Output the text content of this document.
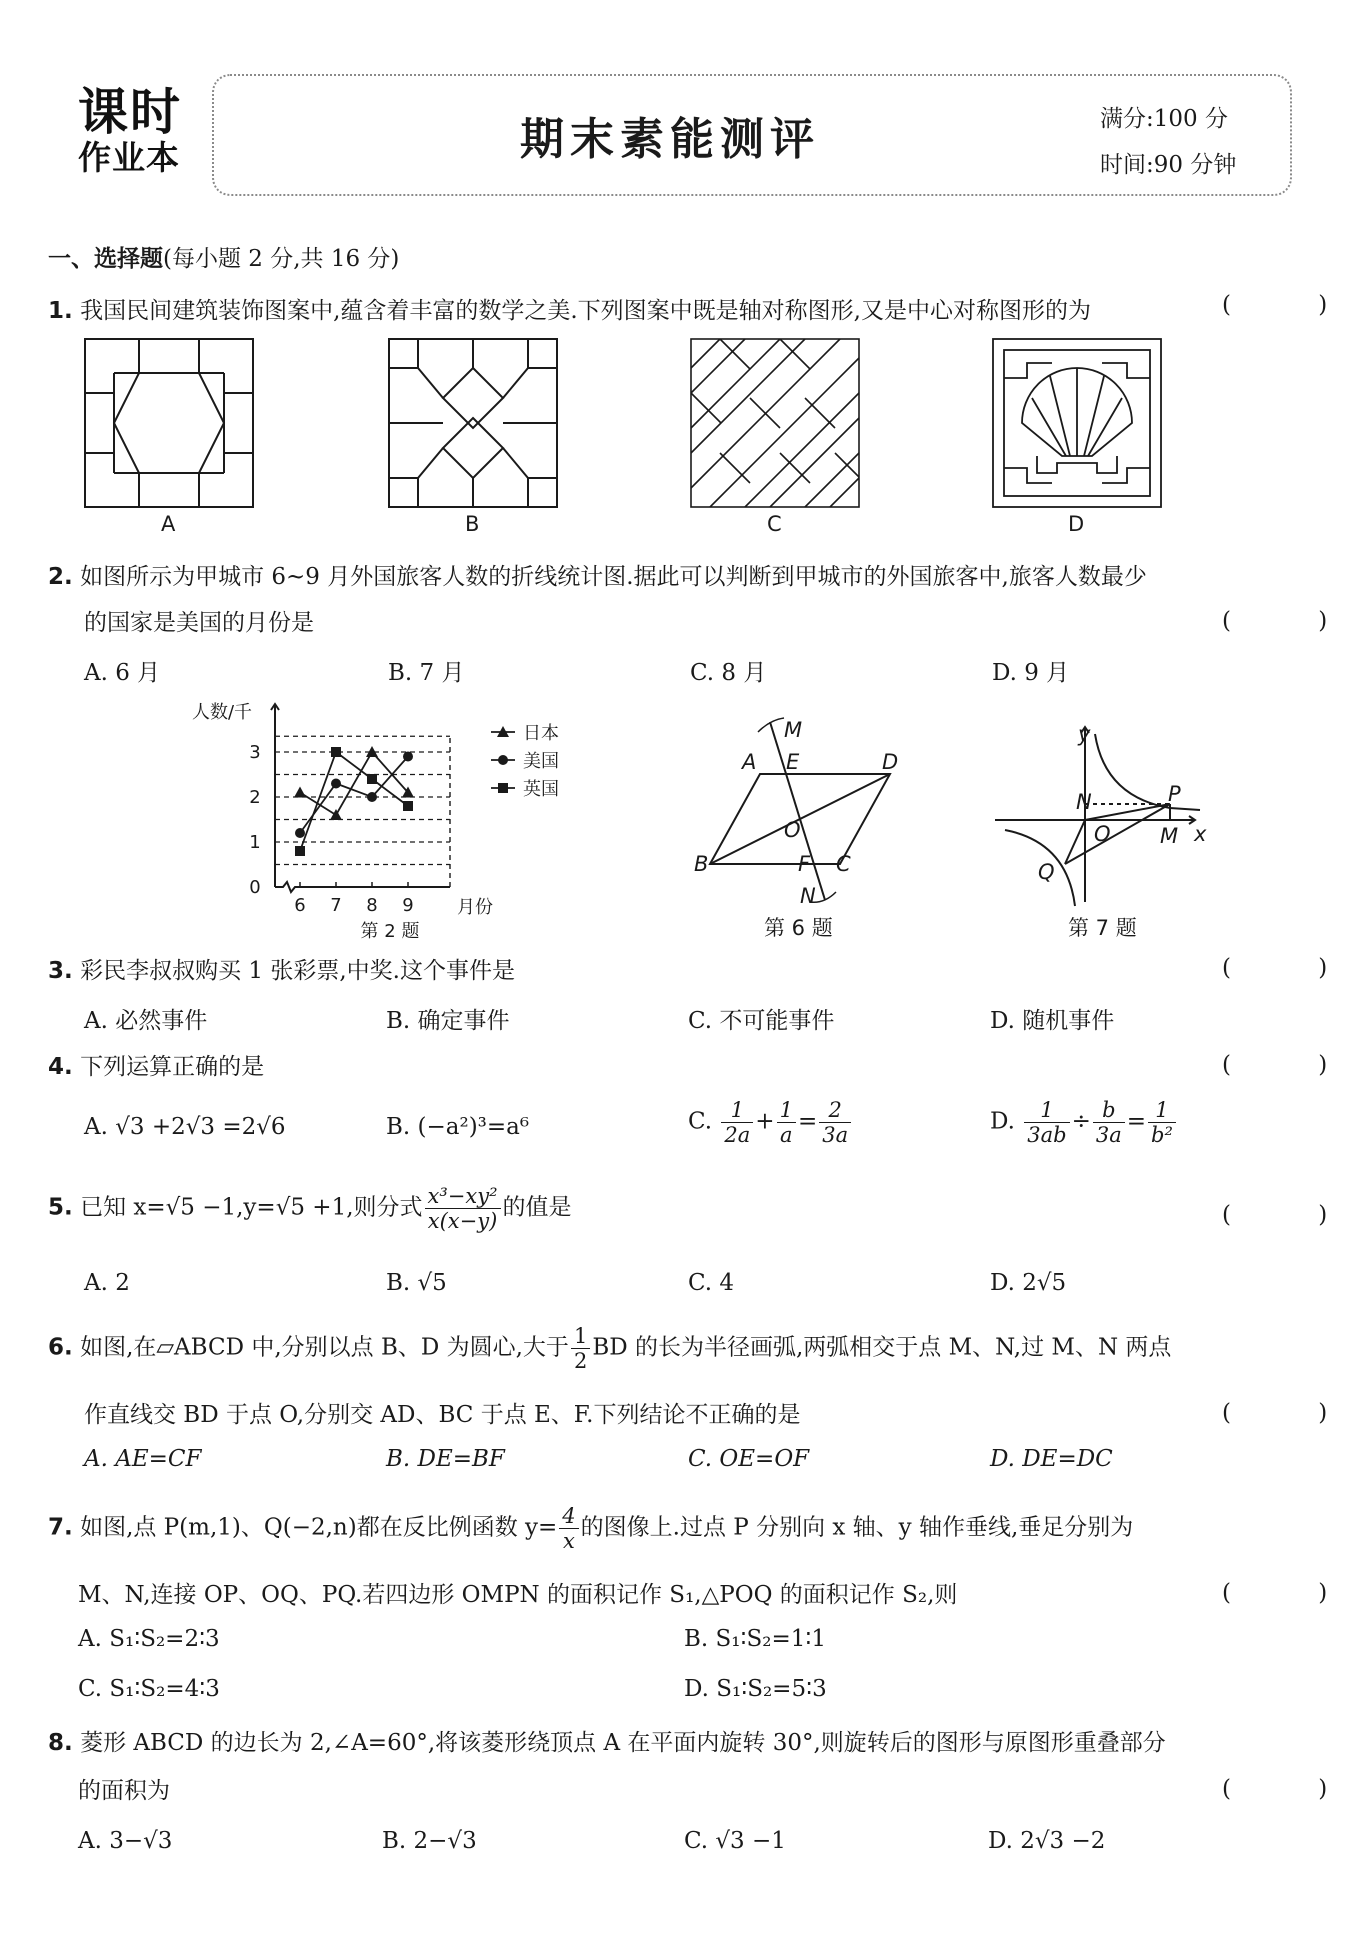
课时
作业本	期末素能测评	满分:100 分
时间:90 分钟
一、选择题(每小题 2 分,共 16 分)
1. 我国民间建筑装饰图案中,蕴含着丰富的数学之美.下列图案中既是轴对称图形,又是中心对称图形的为	( )
A	B	C	D
2. 如图所示为甲城市 6~9 月外国旅客人数的折线统计图.据此可以判断到甲城市的外国旅客中,旅客人数最少
的国家是美国的月份是	( )
A. 6 月	B. 7 月	C. 8 月	D. 9 月
0
1
2
3
6 7 8 9
人数/千
月份
日本
美国
英国
第 2 题
M
A E	D
O
B	F C
N
第 6 题
y
N	P
O M x
Q
第 7 题
3. 彩民李叔叔购买 1 张彩票,中奖.这个事件是	( )
A. 必然事件	B. 确定事件	C. 不可能事件	D. 随机事件
4. 下列运算正确的是	( )
A. √3 +2√3 =2√6	B. (−a²)³=a⁶	C. $\frac{1}{2a} + \frac{1}{a} = \frac{2}{3a}$	D. $\frac{1}{3ab} \div \frac{b}{3a} = \frac{1}{\text{b²}}$
5. 已知 x=√5 −1,y=√5 +1,则分式 $\frac{\text{x³−xy²}}{x(x-y)}$ 的值是	( )
A. 2	B. √5	C. 4	D. 2√5
6. 如图,在▱ABCD 中,分别以点 B、D 为圆心,大于 $\frac{1}{2}$ BD 的长为半径画弧,两弧相交于点 M、N,过 M、N 两点
作直线交 BD 于点 O,分别交 AD、BC 于点 E、F.下列结论不正确的是	( )
A. AE=CF	B. DE=BF	C. OE=OF	D. DE=DC
7. 如图,点 P(m,1)、Q(−2,n)都在反比例函数 $y= \frac{4}{x}$ 的图像上.过点 P 分别向 x 轴、y 轴作垂线,垂足分别为
M、N,连接 OP、OQ、PQ.若四边形 OMPN 的面积记作 S₁,△POQ 的面积记作 S₂,则	( )
A. S₁∶S₂=2∶3	B. S₁∶S₂=1∶1
C. S₁∶S₂=4∶3	D. S₁∶S₂=5∶3
8. 菱形 ABCD 的边长为 2,∠A=60°,将该菱形绕顶点 A 在平面内旋转 30°,则旋转后的图形与原图形重叠部分
的面积为	( )
A. 3−√3	B. 2−√3	C. √3 −1	D. 2√3 −2
